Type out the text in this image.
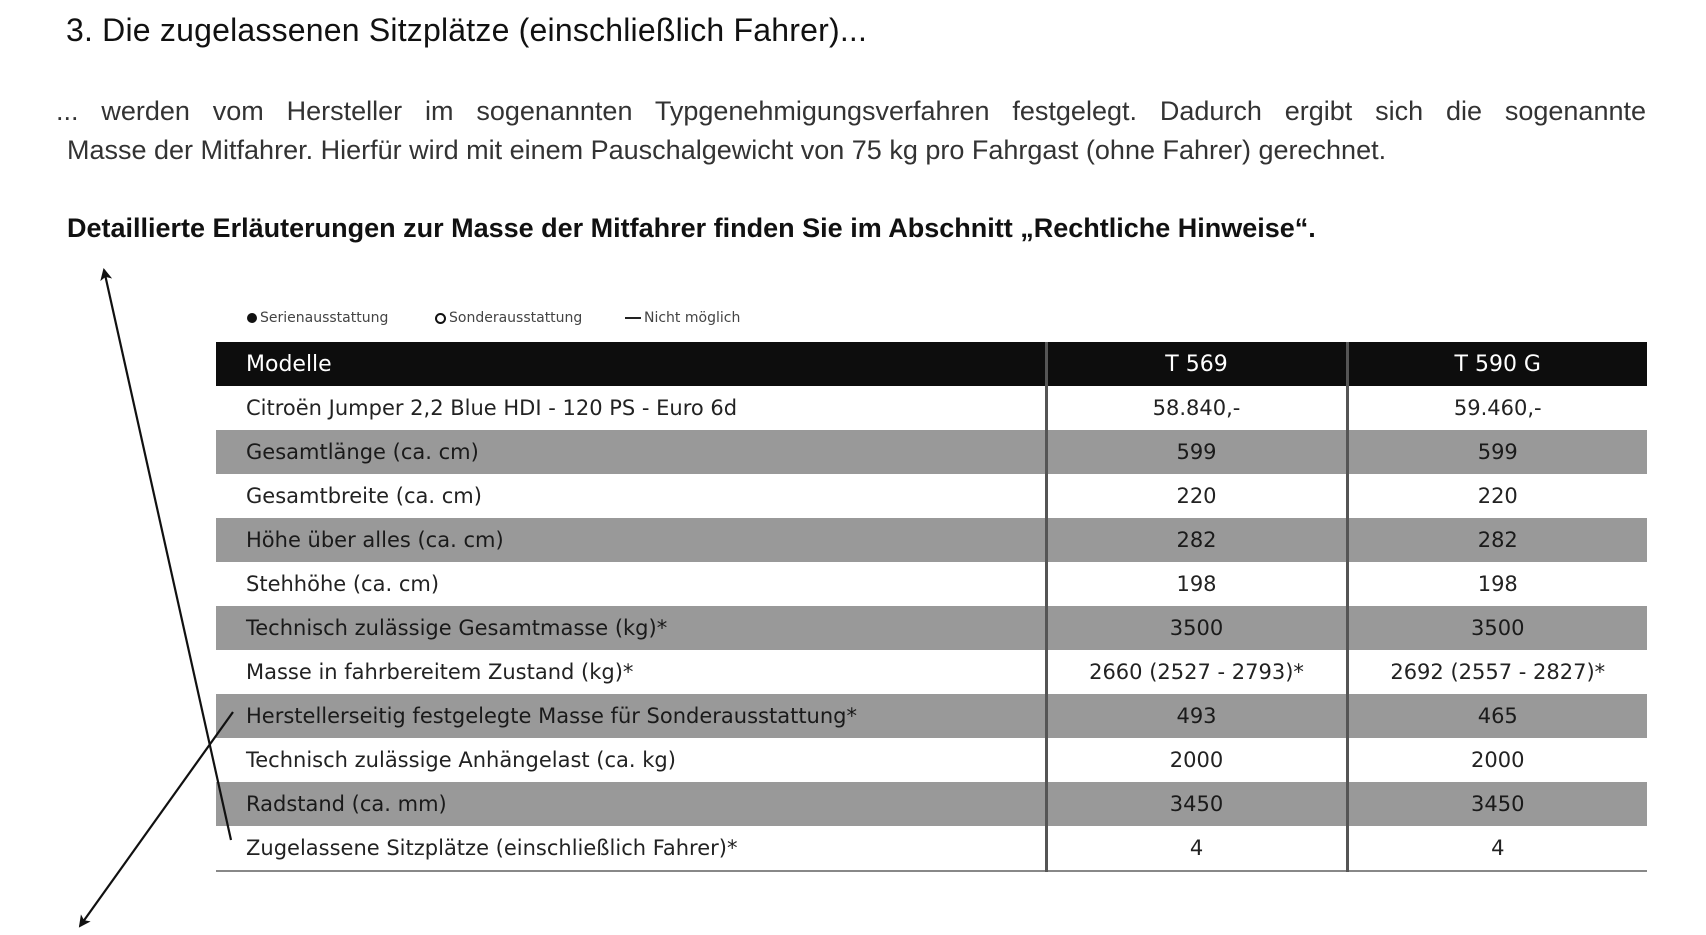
3. Die zugelassenen Sitzplätze (einschließlich Fahrer)...

... werden vom Hersteller im sogenannten Typgenehmigungsverfahren festgelegt. Dadurch ergibt sich die sogenannte
Masse der Mitfahrer. Hierfür wird mit einem Pauschalgewicht von 75 kg pro Fahrgast (ohne Fahrer) gerechnet.

Detaillierte Erläuterungen zur Masse der Mitfahrer finden Sie im Abschnitt „Rechtliche Hinweise“.

Serienausstattung	Sonderausstattung	Nicht möglich
Modelle	T 569	T 590 G
Citroën Jumper 2,2 Blue HDI - 120 PS - Euro 6d	58.840,-	59.460,-
Gesamtlänge (ca. cm)	599	599
Gesamtbreite (ca. cm)	220	220
Höhe über alles (ca. cm)	282	282
Stehhöhe (ca. cm)	198	198
Technisch zulässige Gesamtmasse (kg)*	3500	3500
Masse in fahrbereitem Zustand (kg)*	2660 (2527 - 2793)*	2692 (2557 - 2827)*
Herstellerseitig festgelegte Masse für Sonderausstattung*	493	465
Technisch zulässige Anhängelast (ca. kg)	2000	2000
Radstand (ca. mm)	3450	3450
Zugelassene Sitzplätze (einschließlich Fahrer)*	4	4
